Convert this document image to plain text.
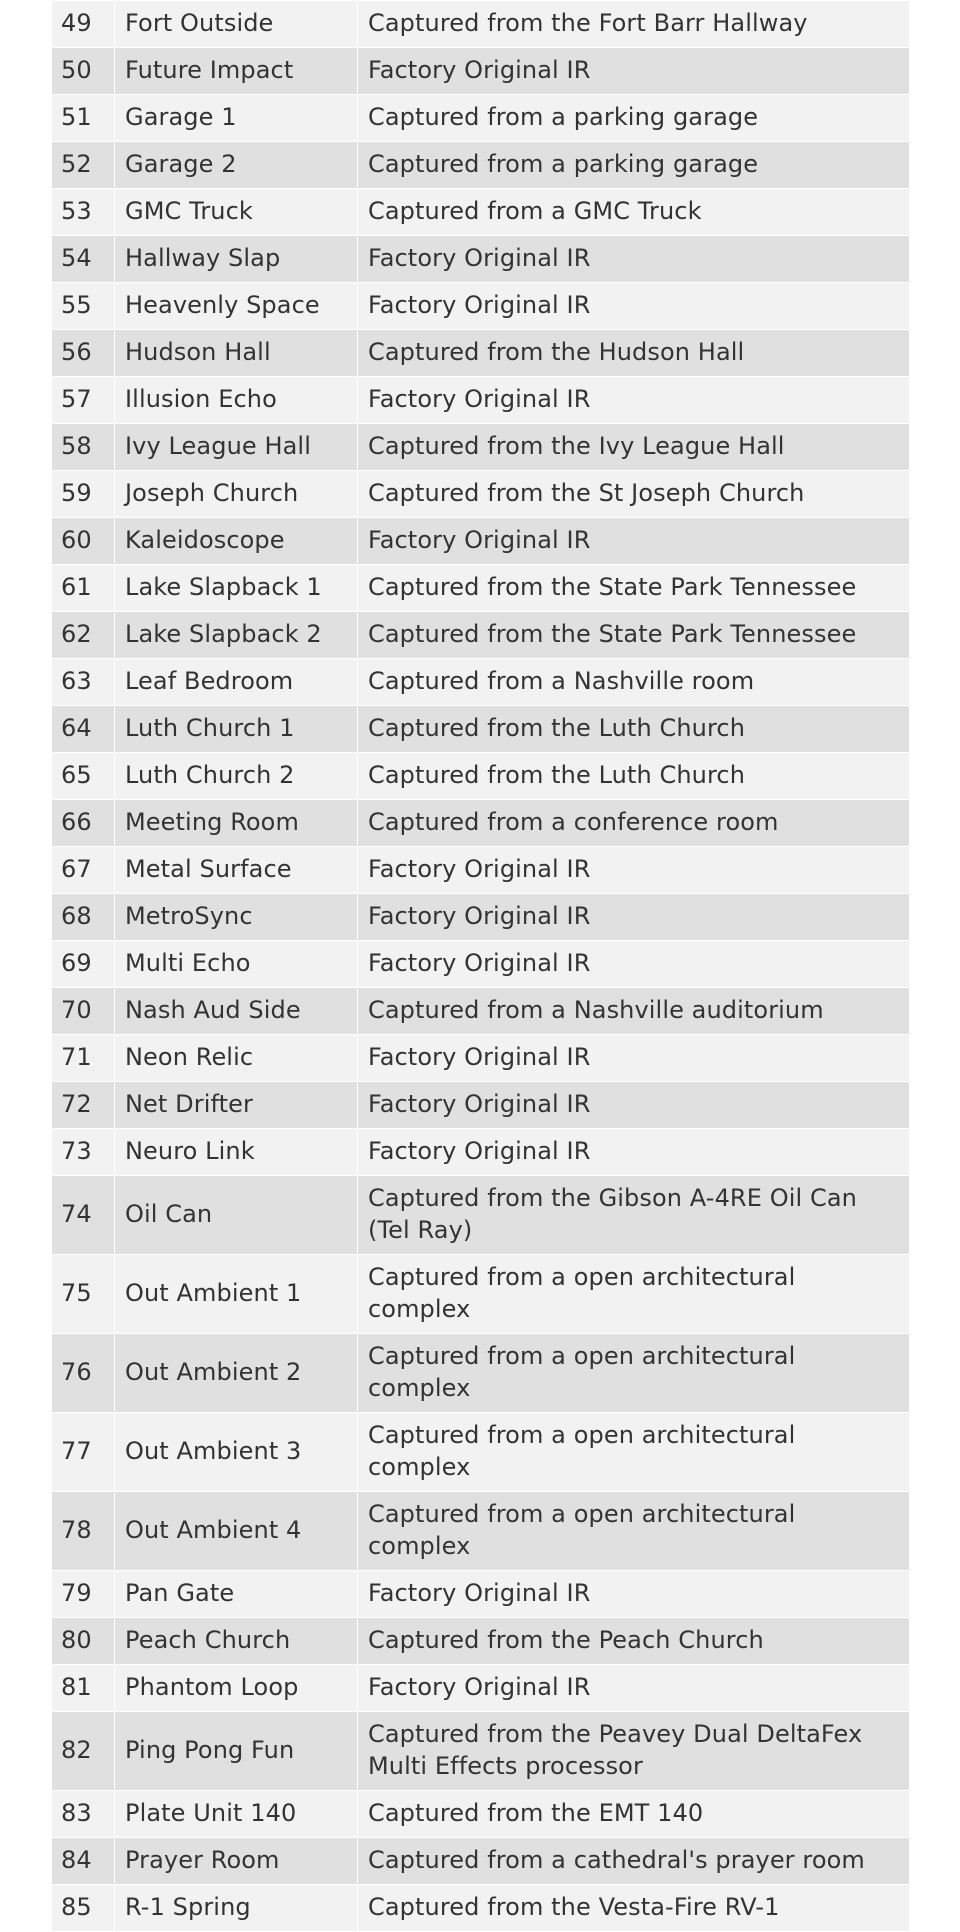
49	Fort Outside	Captured from the Fort Barr Hallway
50	Future Impact	Factory Original IR
51	Garage 1	Captured from a parking garage
52	Garage 2	Captured from a parking garage
53	GMC Truck	Captured from a GMC Truck
54	Hallway Slap	Factory Original IR
55	Heavenly Space	Factory Original IR
56	Hudson Hall	Captured from the Hudson Hall
57	Illusion Echo	Factory Original IR
58	Ivy League Hall	Captured from the Ivy League Hall
59	Joseph Church	Captured from the St Joseph Church
60	Kaleidoscope	Factory Original IR
61	Lake Slapback 1	Captured from the State Park Tennessee
62	Lake Slapback 2	Captured from the State Park Tennessee
63	Leaf Bedroom	Captured from a Nashville room
64	Luth Church 1	Captured from the Luth Church
65	Luth Church 2	Captured from the Luth Church
66	Meeting Room	Captured from a conference room
67	Metal Surface	Factory Original IR
68	MetroSync	Factory Original IR
69	Multi Echo	Factory Original IR
70	Nash Aud Side	Captured from a Nashville auditorium
71	Neon Relic	Factory Original IR
72	Net Drifter	Factory Original IR
73	Neuro Link	Factory Original IR
74	Oil Can	Captured from the Gibson A-4RE Oil Can (Tel Ray)
75	Out Ambient 1	Captured from a open architectural complex
76	Out Ambient 2	Captured from a open architectural complex
77	Out Ambient 3	Captured from a open architectural complex
78	Out Ambient 4	Captured from a open architectural complex
79	Pan Gate	Factory Original IR
80	Peach Church	Captured from the Peach Church
81	Phantom Loop	Factory Original IR
82	Ping Pong Fun	Captured from the Peavey Dual DeltaFex Multi Effects processor
83	Plate Unit 140	Captured from the EMT 140
84	Prayer Room	Captured from a cathedral's prayer room
85	R-1 Spring	Captured from the Vesta-Fire RV-1
